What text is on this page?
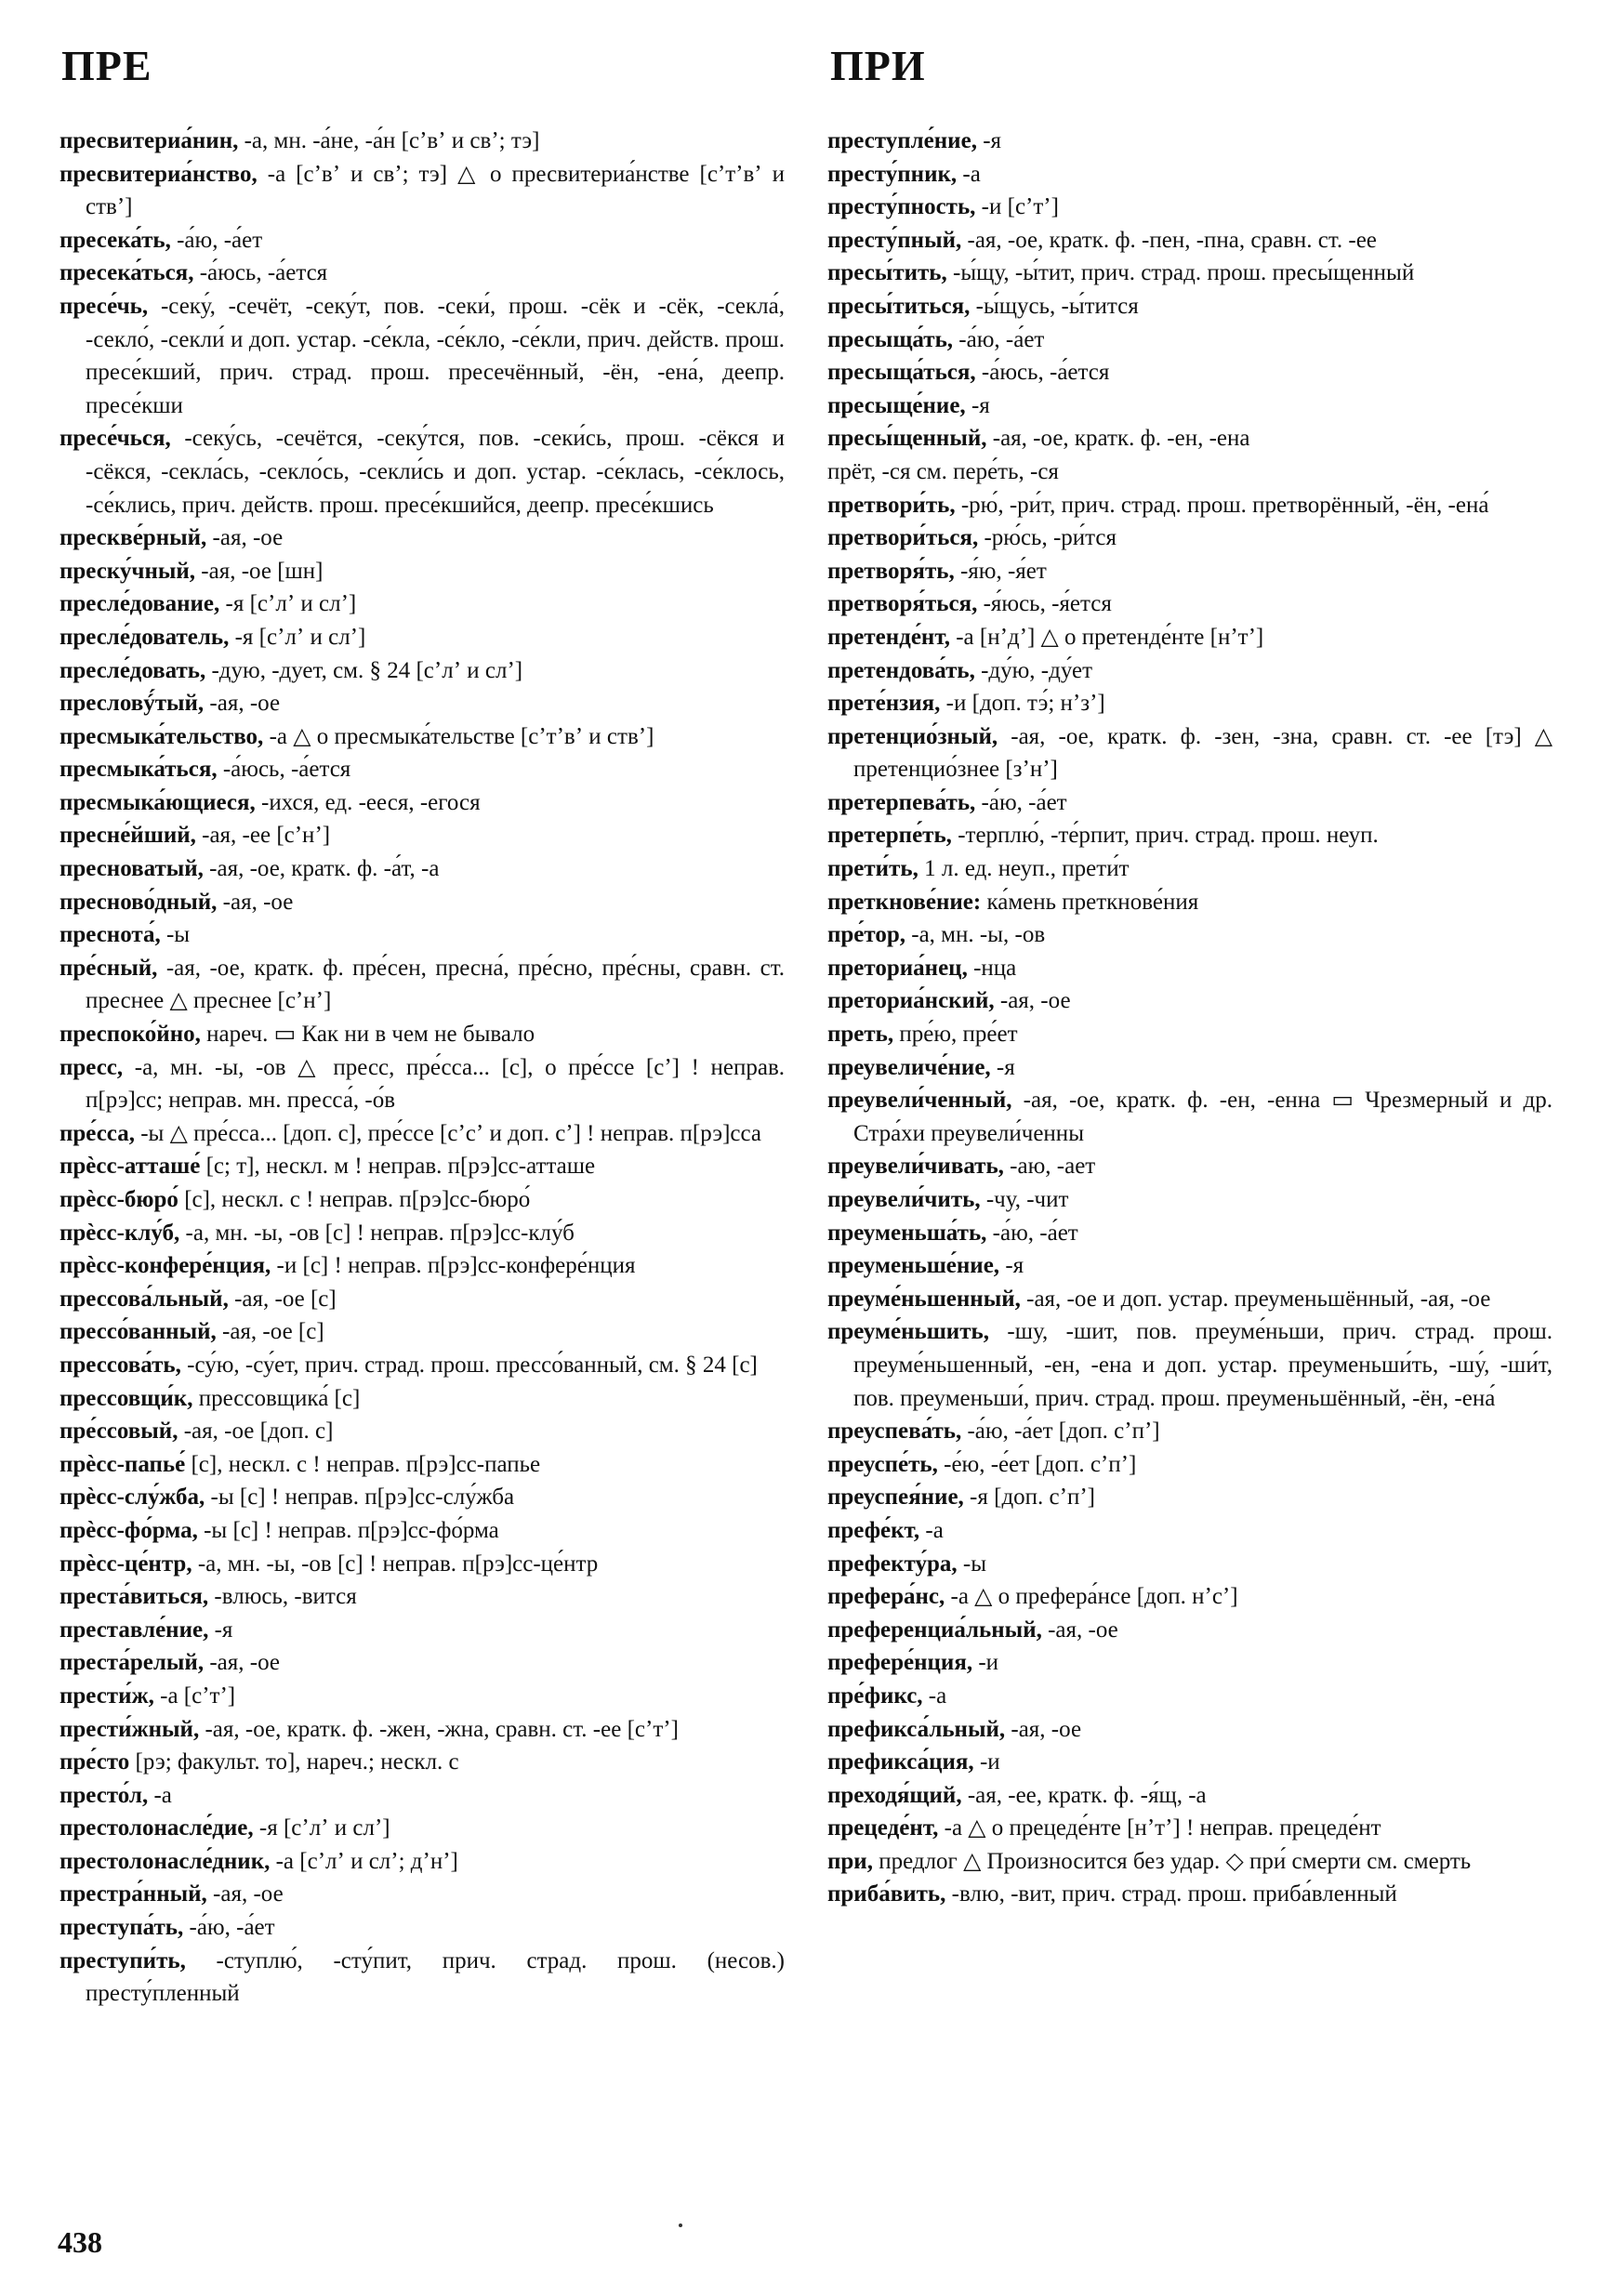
ПРЕ	ПРИ

пресвитериа́нин, -а, мн. -а́не, -а́н [сʼвʼ и свʼ; тэ]

пресвитериа́нство, -а [сʼвʼ и свʼ; тэ] △ о пресвитериа́нстве [сʼтʼвʼ и ствʼ]

пресека́ть, -а́ю, -а́ет

пресека́ться, -а́юсь, -а́ется

пресе́чь, -секу́, -сечёт, -секу́т, пов. -секи́, прош. -сёк и -сёк, -секла́, -секло́, -секли́ и доп. устар. -се́кла, -се́кло, -се́кли, прич. действ. прош. пресе́кший, прич. страд. прош. пресечённый, -ён, -ена́, деепр. пресе́кши

пресе́чься, -секу́сь, -сечётся, -секу́тся, пов. -секи́сь, прош. -сёкся и -сёкся, -секла́сь, -секло́сь, -секли́сь и доп. устар. -се́клась, -се́клось, -се́клись, прич. действ. прош. пресе́кшийся, деепр. пресе́кшись

прескве́рный, -ая, -ое

преску́чный, -ая, -ое [шн]

пресле́дование, -я [сʼлʼ и слʼ]

пресле́дователь, -я [сʼлʼ и слʼ]

пресле́довать, -дую, -дует, см. § 24 [сʼлʼ и слʼ]

пресловý́тый, -ая, -ое

пресмыка́тельство, -а △ о пресмыка́тельстве [сʼтʼвʼ и ствʼ]

пресмыка́ться, -а́юсь, -а́ется

пресмыка́ющиеся, -ихся, ед. -ееся, -егося

пресне́йший, -ая, -ее [сʼнʼ]

пресноватый, -ая, -ое, кратк. ф. -а́т, -а

пресново́дный, -ая, -ое

преснота́, -ы

пре́сный, -ая, -ое, кратк. ф. пре́сен, пресна́, пре́сно, пре́сны, сравн. ст. преснее △ преснее [сʼнʼ]

преспоко́йно, нареч. ▭ Как ни в чем не бывало

пресс, -а, мн. -ы, -ов △ пресс, пре́сса... [с], о пре́ссе [сʼ] ! неправ. п[рэ]сс; неправ. мн. пресса́, -о́в

пре́сса, -ы △ пре́сса... [доп. с], пре́ссе [сʼсʼ и доп. сʼ] ! неправ. п[рэ]сса

прѐсс-атташе́ [с; т], нескл. м ! неправ. п[рэ]сс-атташе

прѐсс-бюро́ [с], нескл. с ! неправ. п[рэ]сс-бюро́

прѐсс-клу́б, -а, мн. -ы, -ов [с] ! неправ. п[рэ]сс-клу́б

прѐсс-конфере́нция, -и [с] ! неправ. п[рэ]сс-конфере́нция

прессова́льный, -ая, -ое [с]

прессо́ванный, -ая, -ое [с]

прессова́ть, -су́ю, -су́ет, прич. страд. прош. прессо́ванный, см. § 24 [с]

прессовщи́к, прессовщика́ [с]

пре́ссовый, -ая, -ое [доп. с]

прѐсс-папье́ [с], нескл. с ! неправ. п[рэ]сс-папье

прѐсс-слу́жба, -ы [с] ! неправ. п[рэ]сс-слу́жба

прѐсс-фо́рма, -ы [с] ! неправ. п[рэ]сс-фо́рма

прѐсс-це́нтр, -а, мн. -ы, -ов [с] ! неправ. п[рэ]сс-це́нтр

преста́виться, -влюсь, -вится

преставле́ние, -я

преста́релый, -ая, -ое

прести́ж, -а [сʼтʼ]

прести́жный, -ая, -ое, кратк. ф. -жен, -жна, сравн. ст. -ее [сʼтʼ]

пре́сто [рэ; факульт. то], нареч.; нескл. с

престо́л, -а

престолонасле́дие, -я [сʼлʼ и слʼ]

престолонасле́дник, -а [сʼлʼ и слʼ; дʼнʼ]

престра́нный, -ая, -ое

преступа́ть, -а́ю, -а́ет

преступи́ть, -ступлю́, -сту́пит, прич. страд. прош. (несов.) престу́пленный

преступле́ние, -я

престу́пник, -а

престу́пность, -и [сʼтʼ]

престу́пный, -ая, -ое, кратк. ф. -пен, -пна, сравн. ст. -ее

пресы́тить, -ы́щу, -ы́тит, прич. страд. прош. пресы́щенный

пресы́титься, -ы́щусь, -ы́тится

пресыща́ть, -а́ю, -а́ет

пресыща́ться, -а́юсь, -а́ется

пресыще́ние, -я

пресы́щенный, -ая, -ое, кратк. ф. -ен, -ена

прёт, -ся см. пере́ть, -ся

претвори́ть, -рю́, -ри́т, прич. страд. прош. претворённый, -ён, -ена́

претвори́ться, -рю́сь, -ри́тся

претворя́ть, -я́ю, -я́ет

претворя́ться, -я́юсь, -я́ется

претенде́нт, -а [нʼдʼ] △ о претенде́нте [нʼтʼ]

претендова́ть, -ду́ю, -ду́ет

прете́нзия, -и [доп. тэ́; нʼзʼ]

претенцио́зный, -ая, -ое, кратк. ф. -зен, -зна, сравн. ст. -ее [тэ] △ претенцио́знее [зʼнʼ]

претерпева́ть, -а́ю, -а́ет

претерпе́ть, -терплю́, -те́рпит, прич. страд. прош. неуп.

прети́ть, 1 л. ед. неуп., прети́т

преткнове́ние: ка́мень преткнове́ния

пре́тор, -а, мн. -ы, -ов

преториа́нец, -нца

преториа́нский, -ая, -ое

преть, пре́ю, пре́ет

преувеличе́ние, -я

преувели́ченный, -ая, -ое, кратк. ф. -ен, -енна ▭ Чрезмерный и др. Стра́хи преувели́ченны

преувели́чивать, -аю, -ает

преувели́чить, -чу, -чит

преуменьша́ть, -а́ю, -а́ет

преуменьше́ние, -я

преуме́ньшенный, -ая, -ое и доп. устар. преуменьшённый, -ая, -ое

преуме́ньшить, -шу, -шит, пов. преуме́ньши, прич. страд. прош. преуме́ньшенный, -ен, -ена и доп. устар. преуменьши́ть, -шу́, -ши́т, пов. преуменьши́, прич. страд. прош. преуменьшённый, -ён, -ена́

преуспева́ть, -а́ю, -а́ет [доп. сʼпʼ]

преуспе́ть, -е́ю, -е́ет [доп. сʼпʼ]

преуспея́ние, -я [доп. сʼпʼ]

префе́кт, -а

префекту́ра, -ы

префера́нс, -а △ о префера́нсе [доп. нʼсʼ]

преференциа́льный, -ая, -ое

префере́нция, -и

пре́фикс, -а

префикса́льный, -ая, -ое

префикса́ция, -и

преходя́щий, -ая, -ее, кратк. ф. -я́щ, -а

прецеде́нт, -а △ о прецеде́нте [нʼтʼ] ! неправ. прецеде́нт

при, предлог △ Произносится без удар. ◇ при́ смерти см. смерть

приба́вить, -влю, -вит, прич. страд. прош. приба́вленный

438
